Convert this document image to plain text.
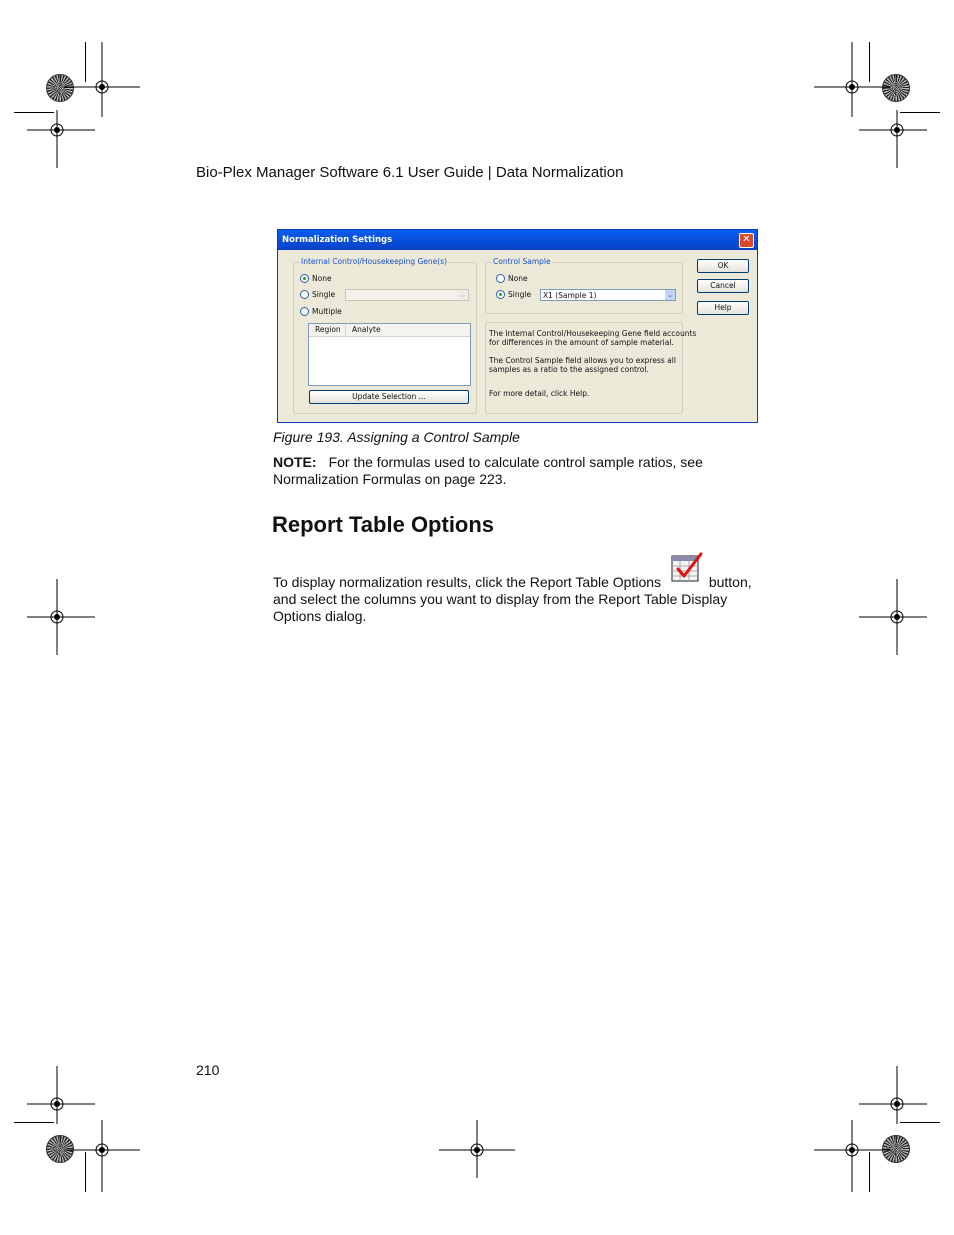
Bio-Plex Manager Software 6.1 User Guide | Data Normalization
Normalization Settings	✕
Internal Control/Housekeeping Gene(s)
None
Single	⌄
Multiple
Region	Analyte
Update Selection ...
Control Sample
None
Single	X1 (Sample 1)	⌄
The Internal Control/Housekeeping Gene field accounts
for differences in the amount of sample material.
The Control Sample field allows you to express all
samples as a ratio to the assigned control.
For more detail, click Help.
OK
Cancel
Help
Figure 193. Assigning a Control Sample
NOTE: For the formulas used to calculate control sample ratios, see Normalization Formulas on page 223.
Report Table Options
To display normalization results, click the Report Table Options	button, and select the columns you want to display from the Report Table Display Options dialog.
210
